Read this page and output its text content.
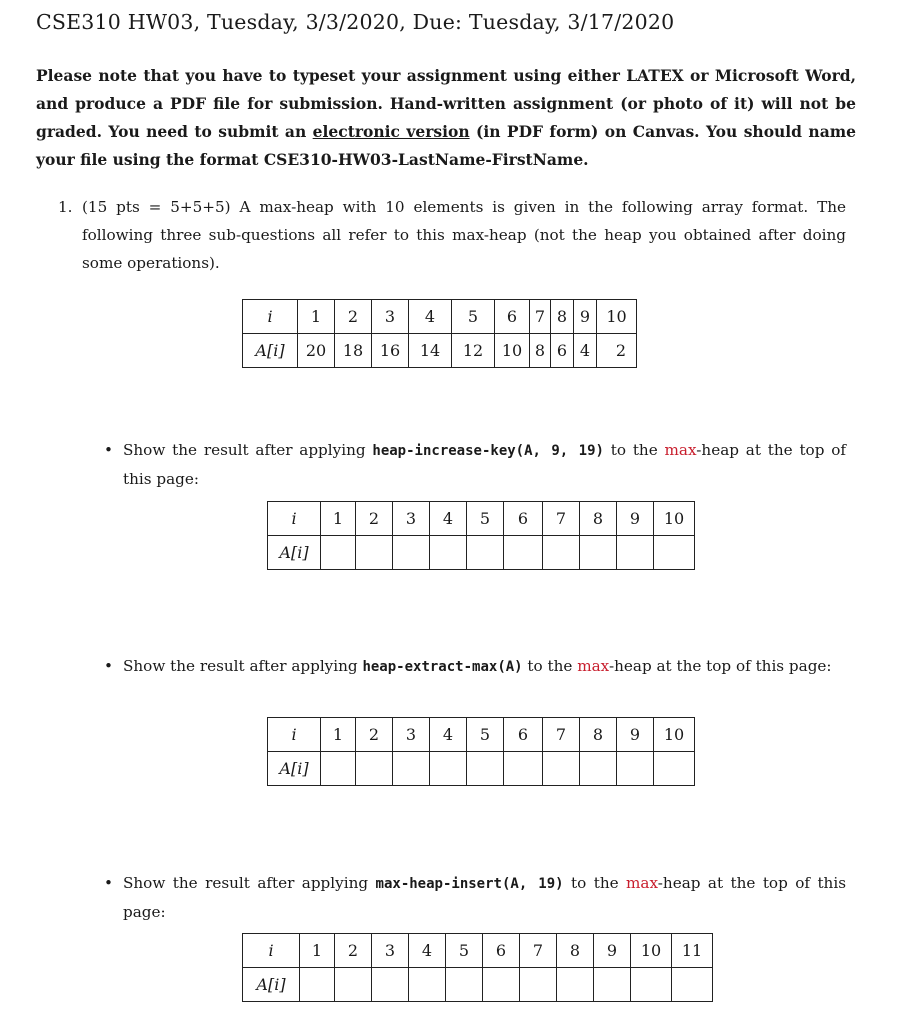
CSE310 HW03, Tuesday, 3/3/2020, Due: Tuesday, 3/17/2020

Please note that you have to typeset your assignment using either LATEX or Microsoft Word, and produce a PDF file for submission. Hand-written assignment (or photo of it) will not be graded. You need to submit an electronic version (in PDF form) on Canvas. You should name your file using the format CSE310-HW03-LastName-FirstName.

1. (15 pts = 5+5+5) A max-heap with 10 elements is given in the following array format. The following three sub-questions all refer to this max-heap (not the heap you obtained after doing some operations).
i	1	2	3	4	5	6	7	8	9	10
A[i]	20	18	16	14	12	10	8	6	4	2
• Show the result after applying heap-increase-key(A, 9, 19) to the max-heap at the top of this page:
i	1	2	3	4	5	6	7	8	9	10
A[i]										
• Show the result after applying heap-extract-max(A) to the max-heap at the top of this page:
i	1	2	3	4	5	6	7	8	9	10
A[i]										
• Show the result after applying max-heap-insert(A, 19) to the max-heap at the top of this page:
i	1	2	3	4	5	6	7	8	9	10	11
A[i]											
